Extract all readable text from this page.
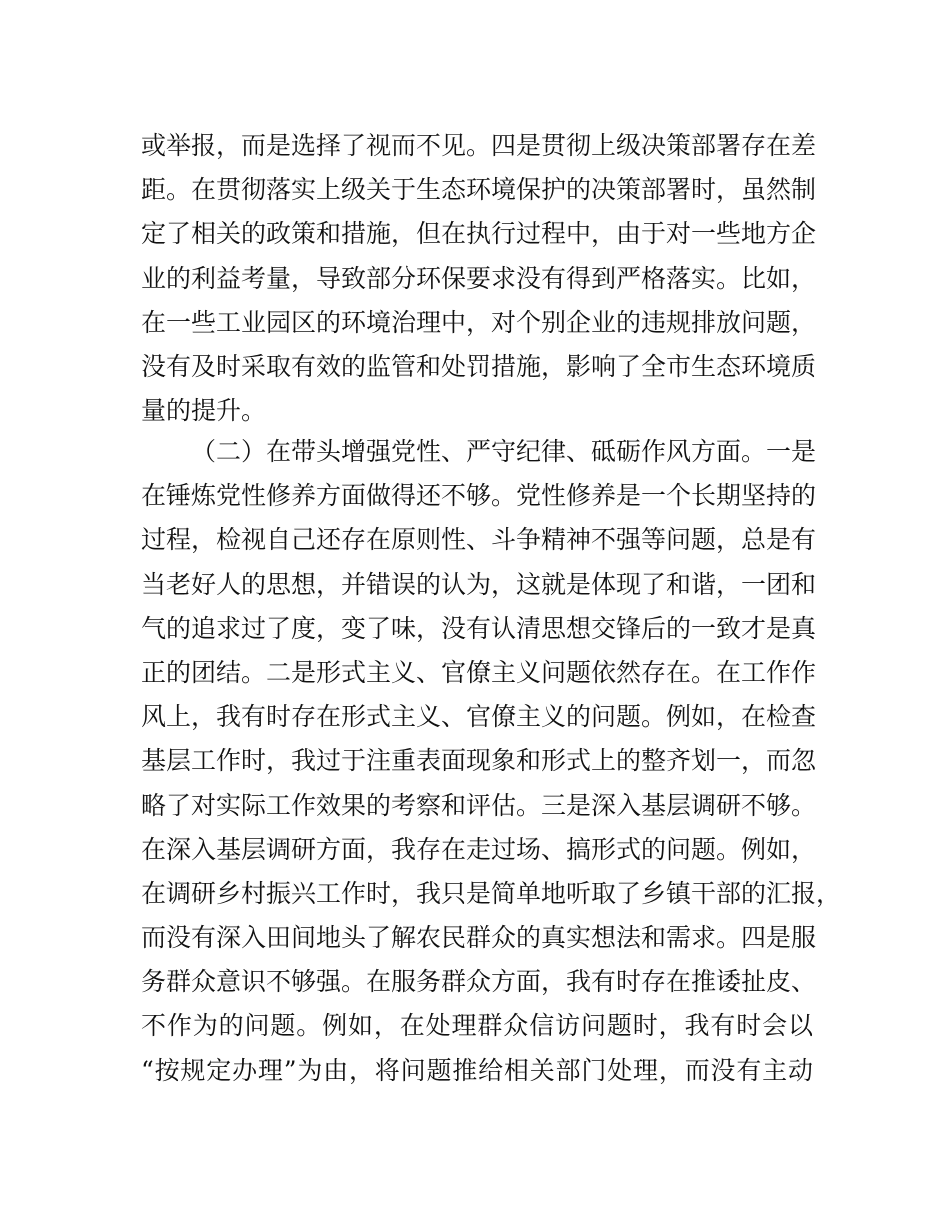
或举报，而是选择了视而不见。四是贯彻上级决策部署存在差
距。在贯彻落实上级关于生态环境保护的决策部署时，虽然制
定了相关的政策和措施，但在执行过程中，由于对一些地方企
业的利益考量，导致部分环保要求没有得到严格落实。比如，
在一些工业园区的环境治理中，对个别企业的违规排放问题，
没有及时采取有效的监管和处罚措施，影响了全市生态环境质
量的提升。
（二）在带头增强党性、严守纪律、砥砺作风方面。一是
在锤炼党性修养方面做得还不够。党性修养是一个长期坚持的
过程，检视自己还存在原则性、斗争精神不强等问题，总是有
当老好人的思想，并错误的认为，这就是体现了和谐，一团和
气的追求过了度，变了味，没有认清思想交锋后的一致才是真
正的团结。二是形式主义、官僚主义问题依然存在。在工作作
风上，我有时存在形式主义、官僚主义的问题。例如，在检查
基层工作时，我过于注重表面现象和形式上的整齐划一，而忽
略了对实际工作效果的考察和评估。三是深入基层调研不够。
在深入基层调研方面，我存在走过场、搞形式的问题。例如，
在调研乡村振兴工作时，我只是简单地听取了乡镇干部的汇报，
而没有深入田间地头了解农民群众的真实想法和需求。四是服
务群众意识不够强。在服务群众方面，我有时存在推诿扯皮、
不作为的问题。例如，在处理群众信访问题时，我有时会以
“按规定办理”为由，将问题推给相关部门处理，而没有主动
